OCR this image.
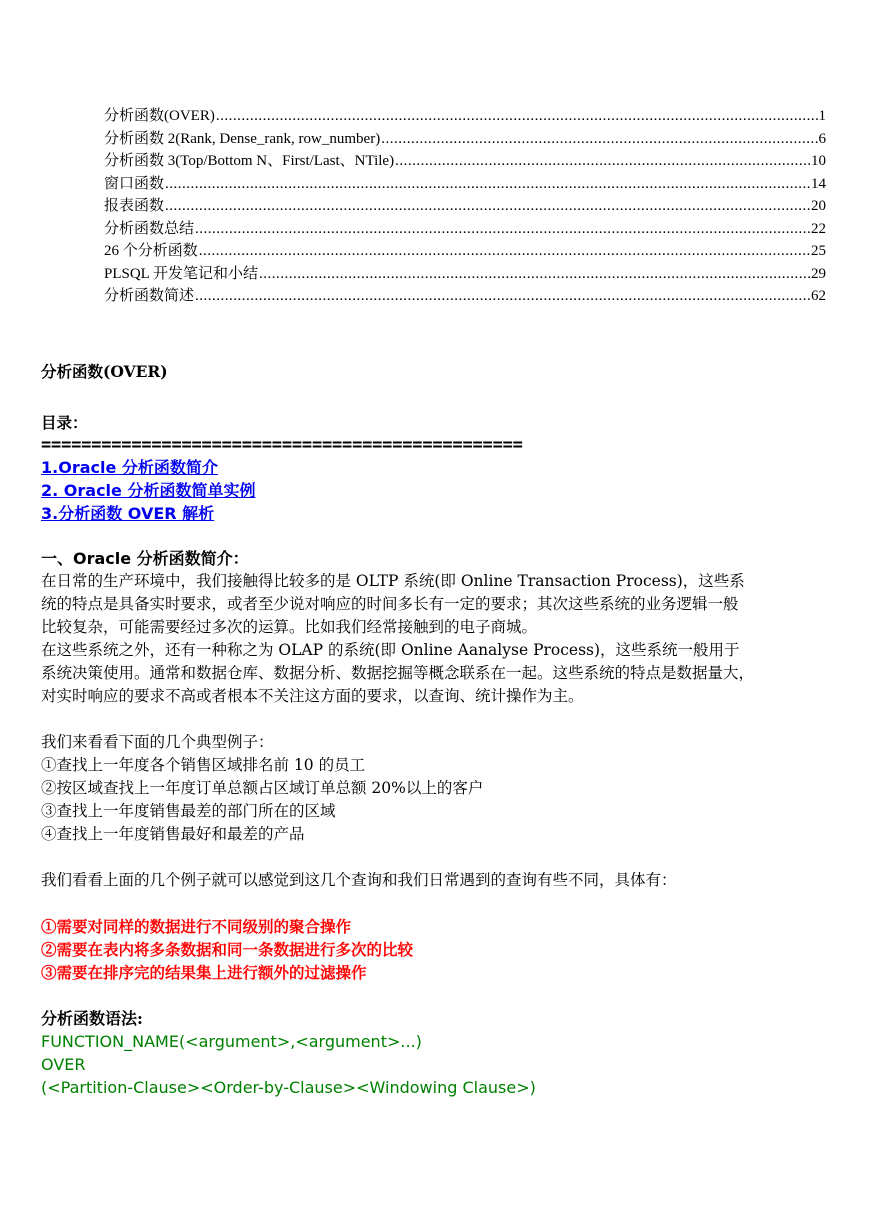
分析函数(OVER) .....	1
分析函数 2(Rank, Dense_rank, row_number) .....	6
分析函数 3(Top/Bottom N、First/Last、NTile) .....	10
窗口函数 .....	14
报表函数 .....	20
分析函数总结 .....	22
26 个分析函数 .....	25
PLSQL 开发笔记和小结 .....	29
分析函数简述 .....	62
分析函数(OVER)
目录：
================================================
1.Oracle 分析函数简介
2. Oracle 分析函数简单实例
3.分析函数 OVER 解析
一、Oracle 分析函数简介：
在日常的生产环境中，我们接触得比较多的是 OLTP 系统(即 Online Transaction Process)，这些系
统的特点是具备实时要求，或者至少说对响应的时间多长有一定的要求；其次这些系统的业务逻辑一般
比较复杂，可能需要经过多次的运算。比如我们经常接触到的电子商城。
在这些系统之外，还有一种称之为 OLAP 的系统(即 Online Aanalyse Process)，这些系统一般用于
系统决策使用。通常和数据仓库、数据分析、数据挖掘等概念联系在一起。这些系统的特点是数据量大，
对实时响应的要求不高或者根本不关注这方面的要求，以查询、统计操作为主。
我们来看看下面的几个典型例子：
①查找上一年度各个销售区域排名前 10 的员工
②按区域查找上一年度订单总额占区域订单总额 20%以上的客户
③查找上一年度销售最差的部门所在的区域
④查找上一年度销售最好和最差的产品
我们看看上面的几个例子就可以感觉到这几个查询和我们日常遇到的查询有些不同，具体有：
①需要对同样的数据进行不同级别的聚合操作
②需要在表内将多条数据和同一条数据进行多次的比较
③需要在排序完的结果集上进行额外的过滤操作
分析函数语法:
FUNCTION_NAME(<argument>,<argument>...)
OVER
(<Partition-Clause><Order-by-Clause><Windowing Clause>)
